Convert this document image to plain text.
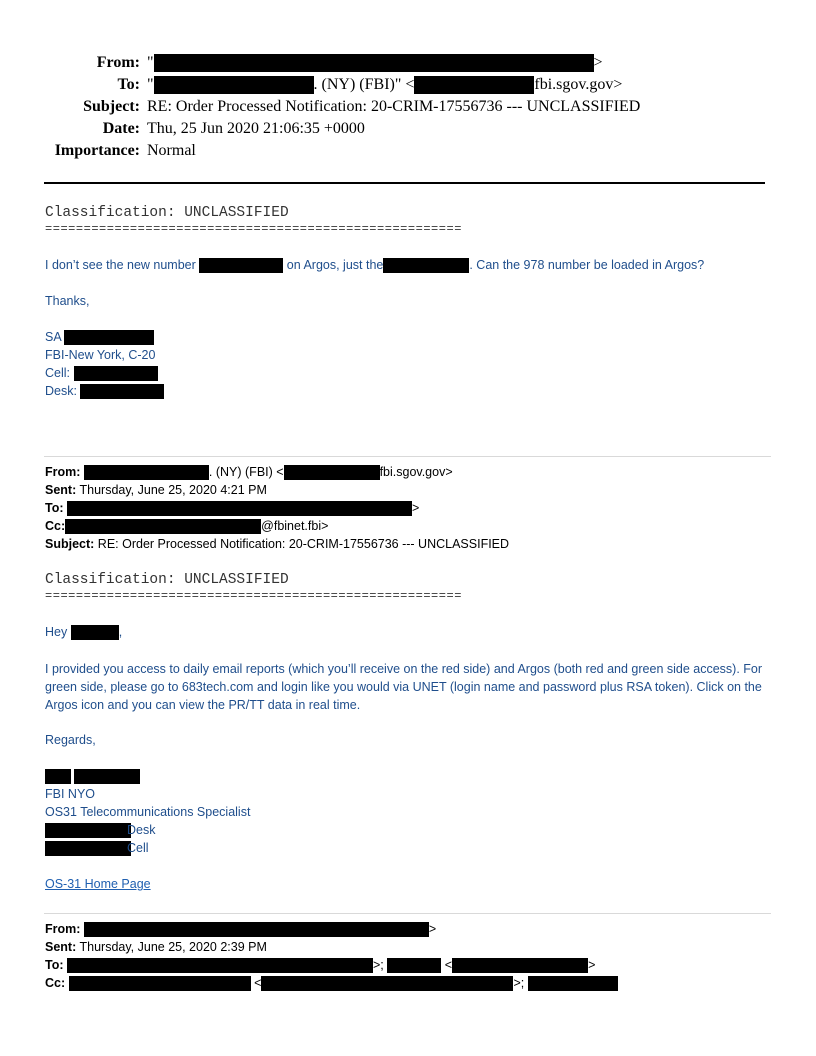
From: "	>
To: "	. (NY) (FBI)" <	fbi.sgov.gov>
Subject: RE: Order Processed Notification: 20-CRIM-17556736 --- UNCLASSIFIED
Date: Thu, 25 Jun 2020 21:06:35 +0000
Importance: Normal
Classification: UNCLASSIFIED
======================================================
I don’t see the new number	on Argos, just the	. Can the 978 number be loaded in Argos?
Thanks,
SA
FBI-New York, C-20
Cell:
Desk:
From:	. (NY) (FBI) <	fbi.sgov.gov>
Sent: Thursday, June 25, 2020 4:21 PM
To:	>
Cc:	@fbinet.fbi>
Subject: RE: Order Processed Notification: 20-CRIM-17556736 --- UNCLASSIFIED
Classification: UNCLASSIFIED
======================================================
Hey	,
I provided you access to daily email reports (which you’ll receive on the red side) and Argos (both red and green side access). For green side, please go to 683tech.com and login like you would via UNET (login name and password plus RSA token). Click on the Argos icon and you can view the PR/TT data in real time.
Regards,

FBI NYO
OS31 Telecommunications Specialist
Desk
Cell
OS-31 Home Page
From:	>
Sent: Thursday, June 25, 2020 2:39 PM
To:	>;	<	>
Cc:	<	>;
